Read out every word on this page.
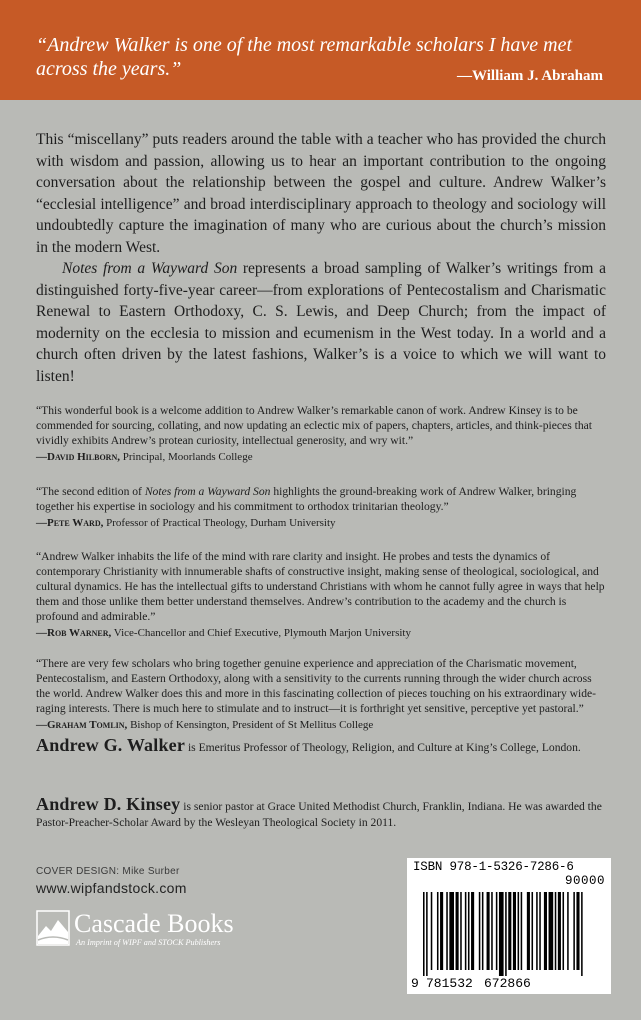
“Andrew Walker is one of the most remarkable scholars I have met across the years.”	—William J. Abraham

This “miscellany” puts readers around the table with a teacher who has provided the church with wisdom and passion, allowing us to hear an important contribution to the ongoing conversation about the relationship between the gospel and culture. Andrew Walker’s “ecclesial intelligence” and broad interdisciplinary approach to theology and sociology will undoubtedly capture the imagination of many who are curious about the church’s mission in the modern West.

Notes from a Wayward Son represents a broad sampling of Walker’s writings from a distinguished forty-five-year career—from explorations of Pentecostalism and Charismatic Renewal to Eastern Orthodoxy, C. S. Lewis, and Deep Church; from the impact of modernity on the ecclesia to mission and ecumenism in the West today. In a world and a church often driven by the latest fashions, Walker’s is a voice to which we will want to listen!

“This wonderful book is a welcome addition to Andrew Walker’s remarkable canon of work. Andrew Kinsey is to be commended for sourcing, collating, and now updating an eclectic mix of papers, chapters, articles, and think-pieces that vividly exhibits Andrew’s protean curiosity, intellectual generosity, and wry wit.”
—David Hilborn, Principal, Moorlands College
“The second edition of Notes from a Wayward Son highlights the ground-breaking work of Andrew Walker, bringing together his expertise in sociology and his commitment to orthodox trinitarian theology.”
—Pete Ward, Professor of Practical Theology, Durham University
“Andrew Walker inhabits the life of the mind with rare clarity and insight. He probes and tests the dynamics of contemporary Christianity with innumerable shafts of constructive insight, making sense of theological, sociological, and cultural dynamics. He has the intellectual gifts to understand Christians with whom he cannot fully agree in ways that help them and those unlike them better understand themselves. Andrew’s contribution to the academy and the church is profound and admirable.”
—Rob Warner, Vice-Chancellor and Chief Executive, Plymouth Marjon University
“There are very few scholars who bring together genuine experience and appreciation of the Charismatic movement, Pentecostalism, and Eastern Orthodoxy, along with a sensitivity to the currents running through the wider church across the world. Andrew Walker does this and more in this fascinating collection of pieces touching on his extraordinary wide-raging interests. There is much here to stimulate and to instruct—it is forthright yet sensitive, perceptive yet pastoral.”
—Graham Tomlin, Bishop of Kensington, President of St Mellitus College
Andrew G. Walker is Emeritus Professor of Theology, Religion, and Culture at King’s College, London.
Andrew D. Kinsey is senior pastor at Grace United Methodist Church, Franklin, Indiana. He was awarded the Pastor-Preacher-Scholar Award by the Wesleyan Theological Society in 2011.
COVER DESIGN: Mike Surber
www.wipfandstock.com
Cascade Books
An Imprint of WIPF and STOCK Publishers
ISBN 978-1-5326-7286-6
90000
9 781532 672866
